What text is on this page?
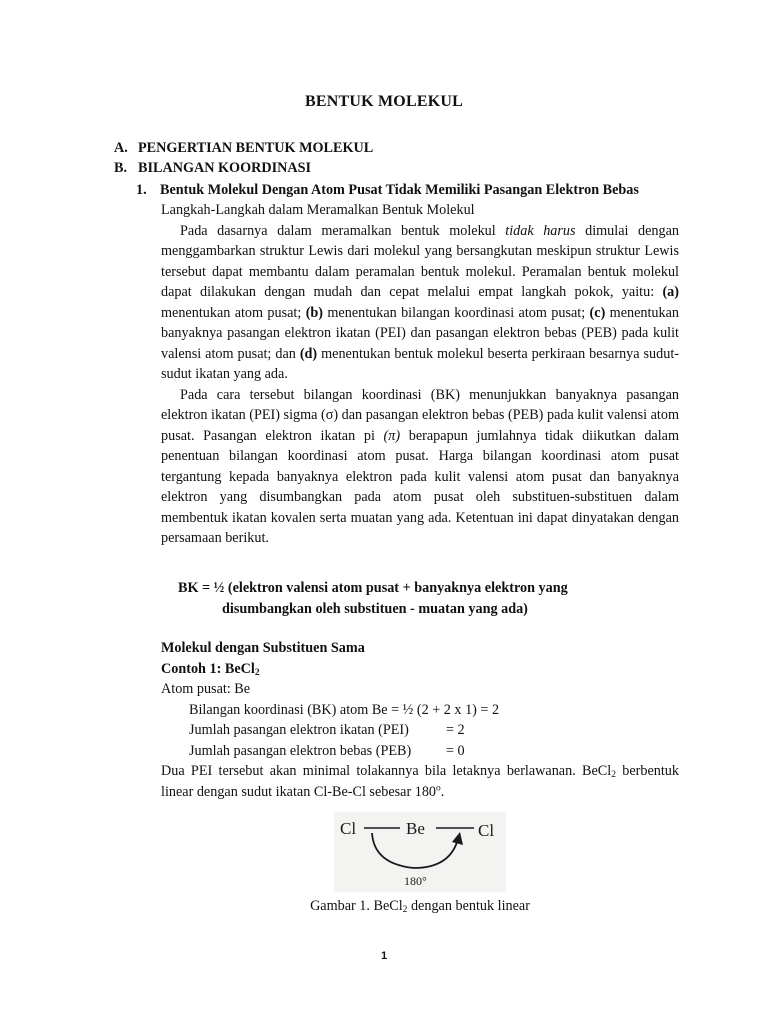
BENTUK MOLEKUL
A. PENGERTIAN BENTUK MOLEKUL
B. BILANGAN KOORDINASI
1. Bentuk Molekul Dengan Atom Pusat Tidak Memiliki Pasangan Elektron Bebas
Langkah-Langkah dalam Meramalkan Bentuk Molekul

Pada dasarnya dalam meramalkan bentuk molekul tidak harus dimulai dengan menggambarkan struktur Lewis dari molekul yang bersangkutan meskipun struktur Lewis tersebut dapat membantu dalam peramalan bentuk molekul. Peramalan bentuk molekul dapat dilakukan dengan mudah dan cepat melalui empat langkah pokok, yaitu: (a) menentukan atom pusat; (b) menentukan bilangan koordinasi atom pusat; (c) menentukan banyaknya pasangan elektron ikatan (PEI) dan pasangan elektron bebas (PEB) pada kulit valensi atom pusat; dan (d) menentukan bentuk molekul beserta perkiraan besarnya sudut-sudut ikatan yang ada.

Pada cara tersebut bilangan koordinasi (BK) menunjukkan banyaknya pasangan elektron ikatan (PEI) sigma (σ) dan pasangan elektron bebas (PEB) pada kulit valensi atom pusat. Pasangan elektron ikatan pi (π) berapapun jumlahnya tidak diikutkan dalam penentuan bilangan koordinasi atom pusat. Harga bilangan koordinasi atom pusat tergantung kepada banyaknya elektron pada kulit valensi atom pusat dan banyaknya elektron yang disumbangkan pada atom pusat oleh substituen-substituen dalam membentuk ikatan kovalen serta muatan yang ada. Ketentuan ini dapat dinyatakan dengan persamaan berikut.

BK = ½ (elektron valensi atom pusat + banyaknya elektron yang
disumbangkan oleh substituen - muatan yang ada)
Molekul dengan Substituen Sama
Contoh 1: BeCl$_2$
Atom pusat: Be
Bilangan koordinasi (BK) atom Be = ½ (2 + 2 x 1) = 2
Jumlah pasangan elektron ikatan (PEI)	= 2
Jumlah pasangan elektron bebas (PEB) = 0

Dua PEI tersebut akan minimal tolakannya bila letaknya berlawanan. BeCl$_2$ berbentuk linear dengan sudut ikatan Cl-Be-Cl sebesar 180$^o$.

Cl	Be	Cl
180°
Gambar 1. BeCl$_2$ dengan bentuk linear
1
